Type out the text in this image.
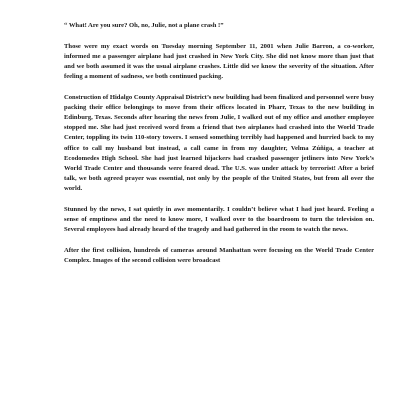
“ What! Are you sure? Oh, no, Julie, not a plane crash !”

Those were my exact words on Tuesday morning September 11, 2001 when Julie Barron, a co-worker, informed me a passenger airplane had just crashed in New York City. She did not know more than just that and we both assumed it was the usual airplane crashes. Little did we know the severity of the situation. After feeling a moment of sadness, we both continued packing.

Construction of Hidalgo County Appraisal District’s new building had been finalized and personnel were busy packing their office belongings to move from their offices located in Pharr, Texas to the new building in Edinburg, Texas. Seconds after hearing the news from Julie, I walked out of my office and another employee stopped me. She had just received word from a friend that two airplanes had crashed into the World Trade Center, toppling its twin 110-story towers. I sensed something terribly had happened and hurried back to my office to call my husband but instead, a call came in from my daughter, Velma Zúñiga, a teacher at Ecodomedes High School. She had just learned hijackers had crashed passenger jetliners into New York’s World Trade Center and thousands were feared dead. The U.S. was under attack by terrorist! After a brief talk, we both agreed prayer was essential, not only by the people of the United States, but from all over the world.

Stunned by the news, I sat quietly in awe momentarily. I couldn’t believe what I had just heard. Feeling a sense of emptiness and the need to know more, I walked over to the boardroom to turn the television on. Several employees had already heard of the tragedy and had gathered in the room to watch the news.

After the first collision, hundreds of cameras around Manhattan were focusing on the World Trade Center Complex. Images of the second collision were broadcast
